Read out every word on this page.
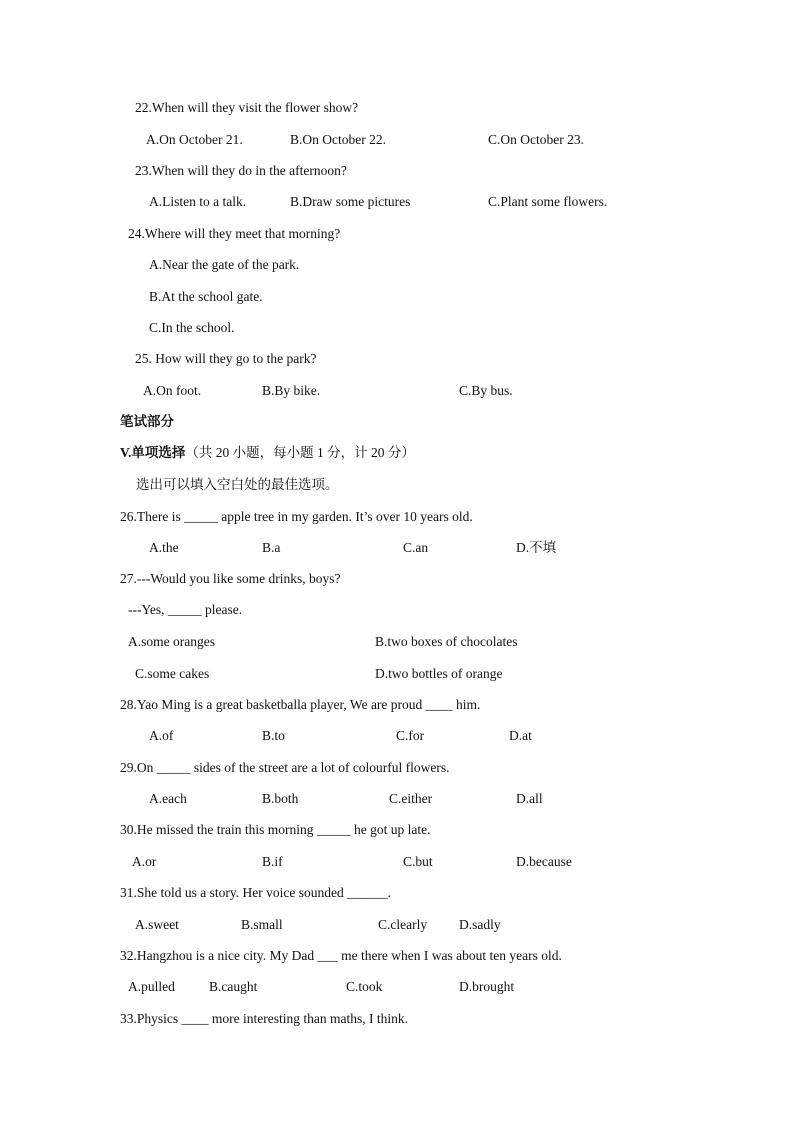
22.When will they visit the flower show?
A.On October 21.	B.On October 22.	C.On October 23.
23.When will they do in the afternoon?
A.Listen to a talk.	B.Draw some pictures	C.Plant some flowers.
24.Where will they meet that morning?
A.Near the gate of the park.
B.At the school gate.
C.In the school.
25. How will they go to the park?
A.On foot.	B.By bike.	C.By bus.
笔试部分
V.单项选择（共 20 小题，每小题 1 分，计 20 分）
选出可以填入空白处的最佳选项。
26.There is _____ apple tree in my garden. It’s over 10 years old.
A.the	B.a	C.an	D.不填
27.---Would you like some drinks, boys?
---Yes, _____ please.
A.some oranges	B.two boxes of chocolates
C.some cakes	D.two bottles of orange
28.Yao Ming is a great basketballa player, We are proud ____ him.
A.of	B.to	C.for	D.at
29.On _____ sides of the street are a lot of colourful flowers.
A.each	B.both	C.either	D.all
30.He missed the train this morning _____ he got up late.
A.or	B.if	C.but	D.because
31.She told us a story. Her voice sounded ______.
A.sweet	B.small	C.clearly D.sadly
32.Hangzhou is a nice city. My Dad ___ me there when I was about ten years old.
A.pulled	B.caught	C.took	D.brought
33.Physics ____ more interesting than maths, I think.
